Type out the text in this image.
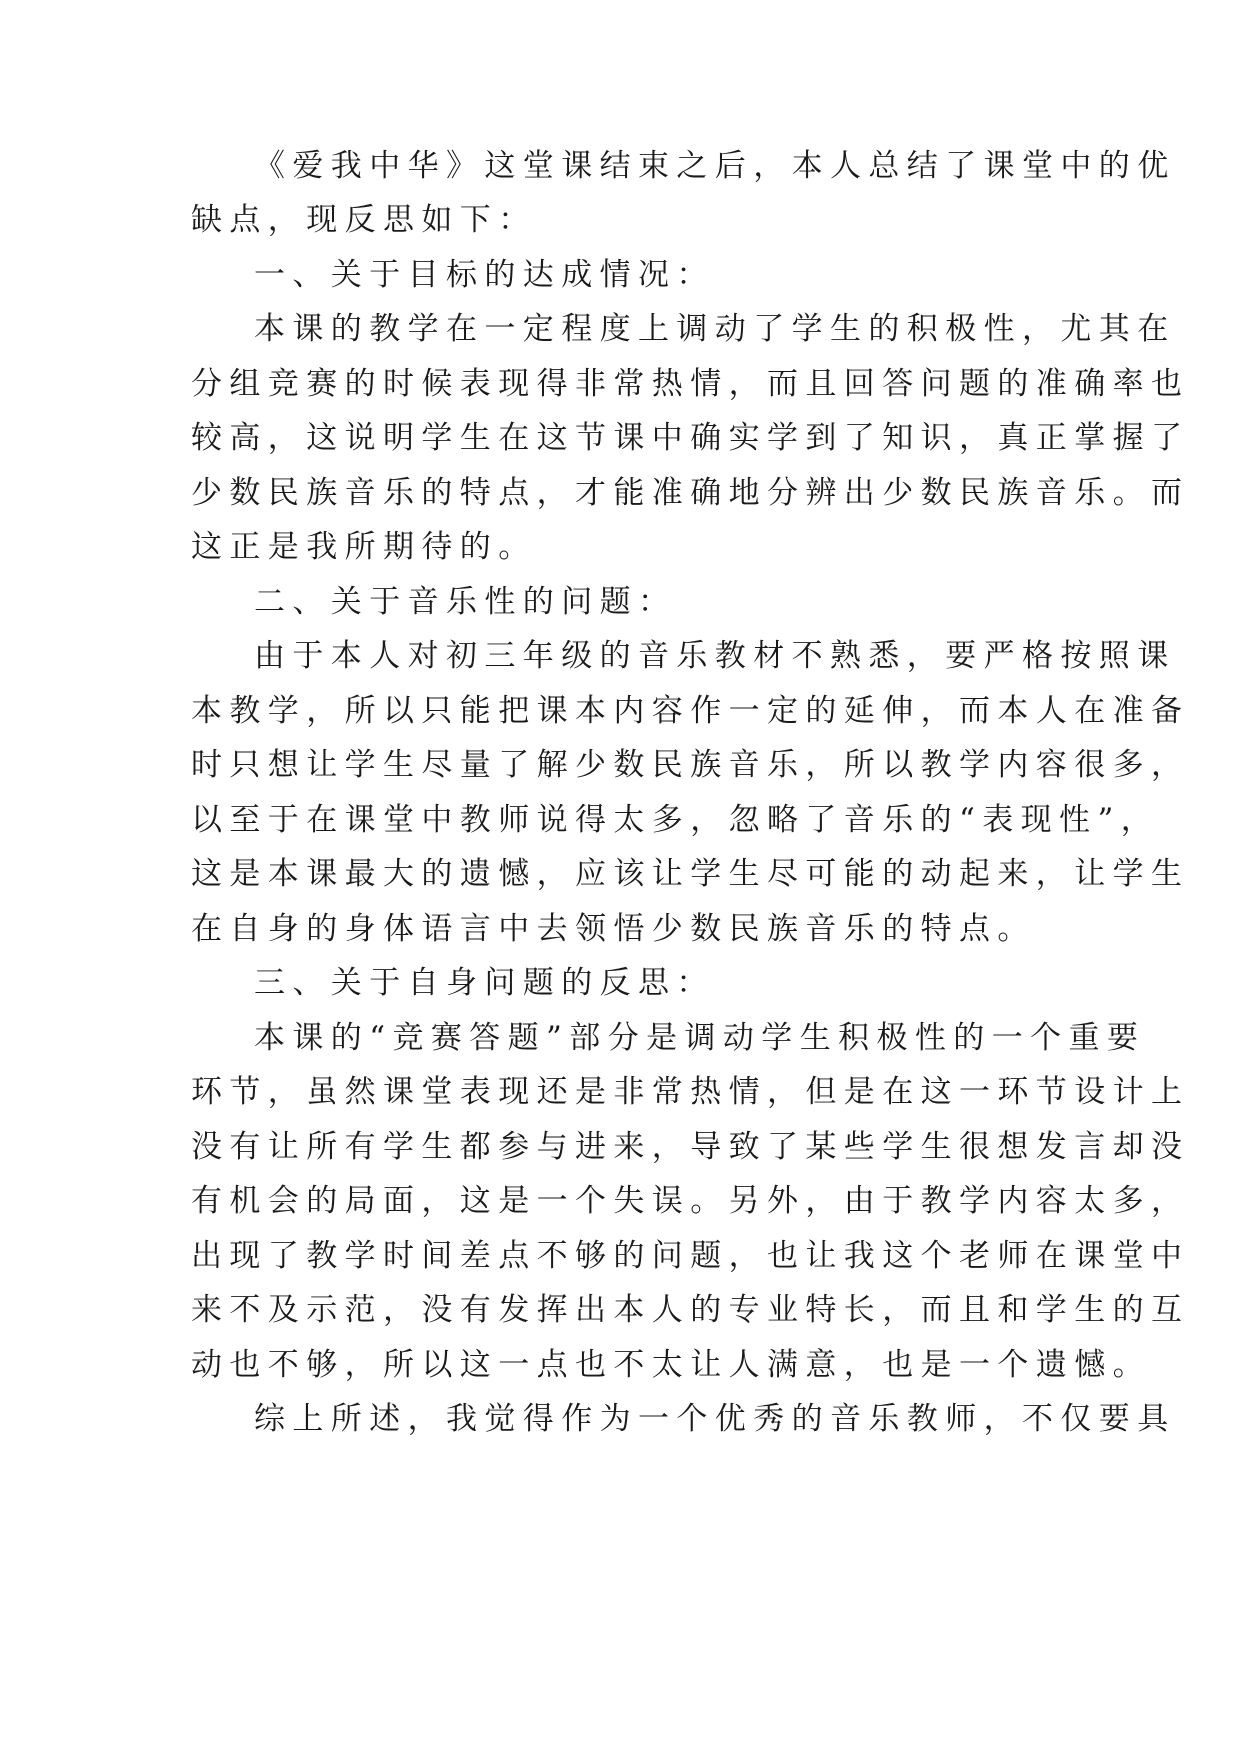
《爱我中华》这堂课结束之后，本人总结了课堂中的优
缺点，现反思如下：
一、关于目标的达成情况：
本课的教学在一定程度上调动了学生的积极性，尤其在
分组竞赛的时候表现得非常热情，而且回答问题的准确率也
较高，这说明学生在这节课中确实学到了知识，真正掌握了
少数民族音乐的特点，才能准确地分辨出少数民族音乐。而
这正是我所期待的。
二、关于音乐性的问题：
由于本人对初三年级的音乐教材不熟悉，要严格按照课
本教学，所以只能把课本内容作一定的延伸，而本人在准备
时只想让学生尽量了解少数民族音乐，所以教学内容很多，
以至于在课堂中教师说得太多，忽略了音乐的“表现性”，
这是本课最大的遗憾，应该让学生尽可能的动起来，让学生
在自身的身体语言中去领悟少数民族音乐的特点。
三、关于自身问题的反思：
本课的“竞赛答题”部分是调动学生积极性的一个重要
环节，虽然课堂表现还是非常热情，但是在这一环节设计上
没有让所有学生都参与进来，导致了某些学生很想发言却没
有机会的局面，这是一个失误。另外，由于教学内容太多，
出现了教学时间差点不够的问题，也让我这个老师在课堂中
来不及示范，没有发挥出本人的专业特长，而且和学生的互
动也不够，所以这一点也不太让人满意，也是一个遗憾。
综上所述，我觉得作为一个优秀的音乐教师，不仅要具
